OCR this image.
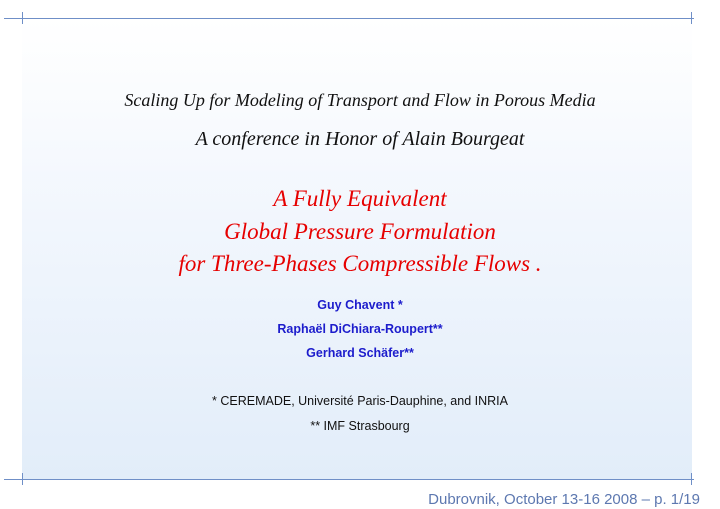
Scaling Up for Modeling of Transport and Flow in Porous Media
A conference in Honor of Alain Bourgeat
A Fully Equivalent
Global Pressure Formulation
for Three-Phases Compressible Flows .
Guy Chavent *
Raphaël DiChiara-Roupert**
Gerhard Schäfer**
* CEREMADE, Université Paris-Dauphine, and INRIA
** IMF Strasbourg
Dubrovnik, October 13-16 2008 – p. 1/19
